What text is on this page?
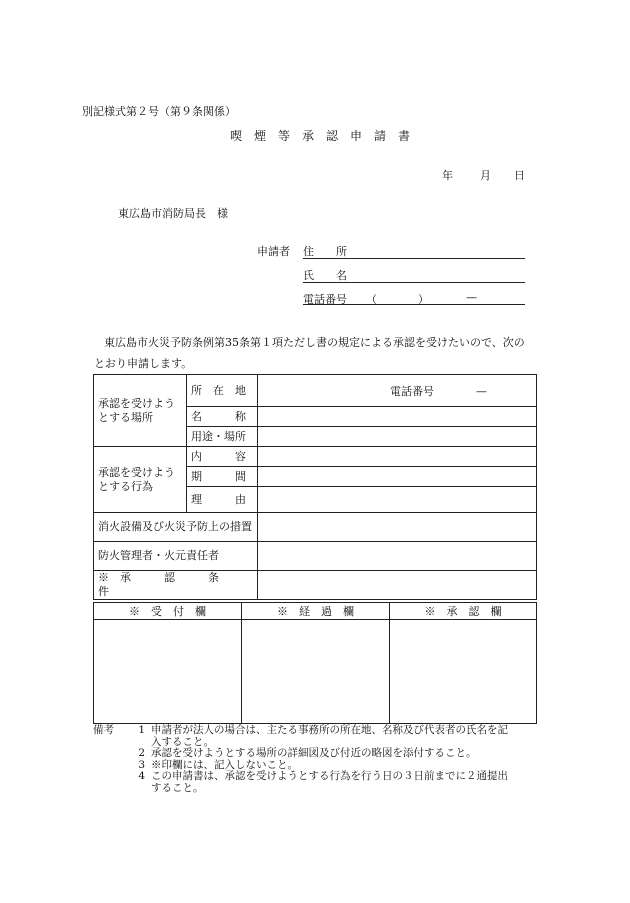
別記様式第２号（第９条関係）
喫　煙　等　承　認　申　請　書
年 月 日
東広島市消防局長　様
申請者 住　　所
氏　　名
電話番号 （	）	—
東広島市火災予防条例第35条第１項ただし書の規定による承認を受けたいので、次の
とおり申請します。
承認を受けようとする場所	所　在　地	電話番号 —

	名　　　称	
	用途・場所	
承認を受けようとする行為	内　　　容	
	期　　　間	
	理　　　由	
消火設備及び火災予防上の措置		
防火管理者・火元責任者		
※　承　　　認　　　条　　　件		
※　受　付　欄	※　経　過　欄	※　承　認　欄

備考	1 申請者が法人の場合は、主たる事務所の所在地、名称及び代表者の氏名を記
入すること。
2 承認を受けようとする場所の詳細図及び付近の略図を添付すること。
3 ※印欄には、記入しないこと。
4 この申請書は、承認を受けようとする行為を行う日の３日前までに２通提出
すること。
